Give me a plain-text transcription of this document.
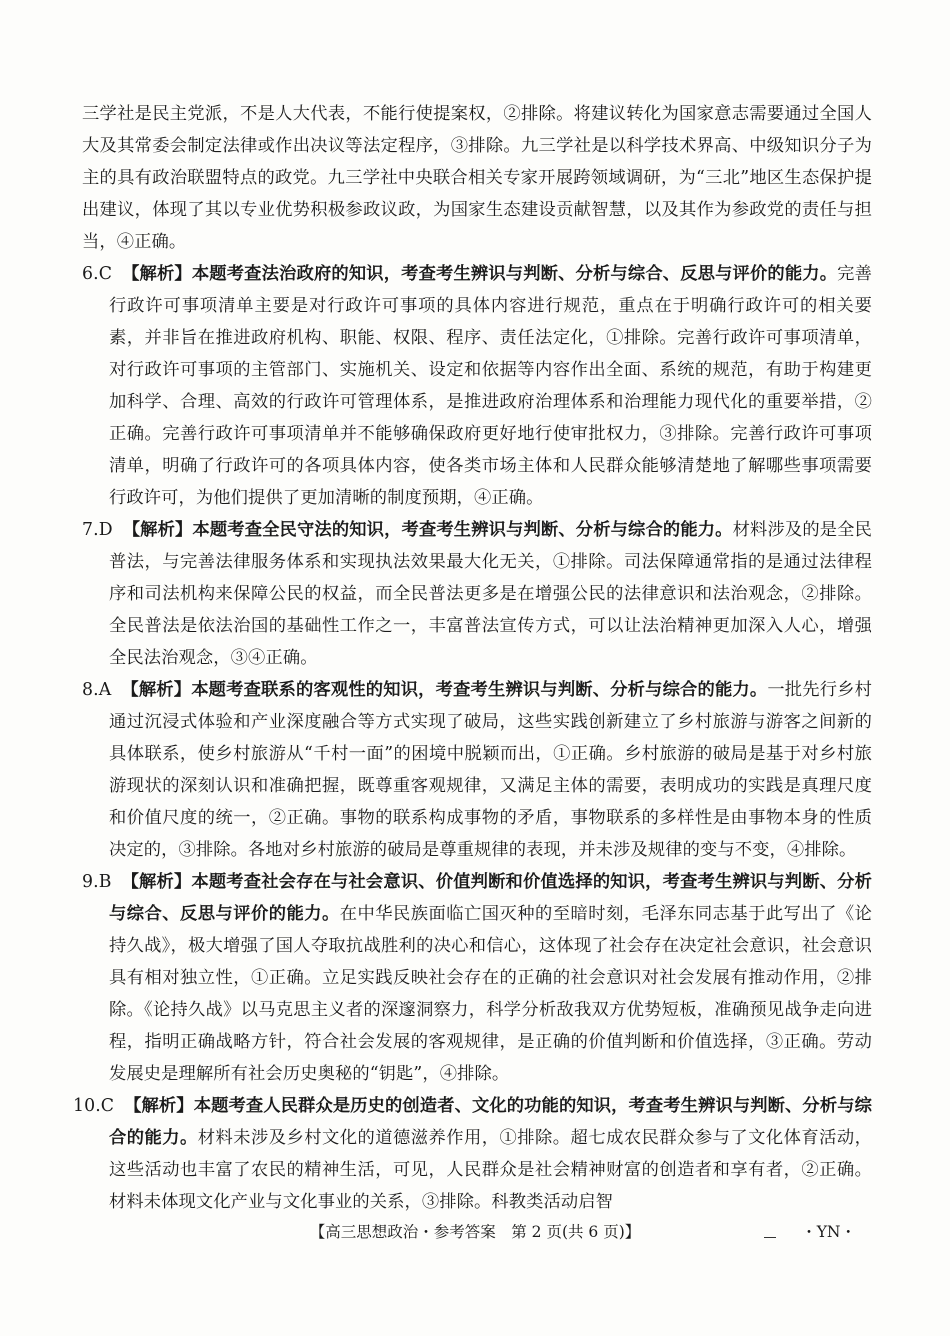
三学社是民主党派，不是人大代表，不能行使提案权，②排除。将建议转化为国家意志需要通过全国人大及其常委会制定法律或作出决议等法定程序，③排除。九三学社是以科学技术界高、中级知识分子为主的具有政治联盟特点的政党。九三学社中央联合相关专家开展跨领域调研，为“三北”地区生态保护提出建议，体现了其以专业优势积极参政议政，为国家生态建设贡献智慧，以及其作为参政党的责任与担当，④正确。

6.C 【解析】本题考查法治政府的知识，考查考生辨识与判断、分析与综合、反思与评价的能力。完善行政许可事项清单主要是对行政许可事项的具体内容进行规范，重点在于明确行政许可的相关要素，并非旨在推进政府机构、职能、权限、程序、责任法定化，①排除。完善行政许可事项清单，对行政许可事项的主管部门、实施机关、设定和依据等内容作出全面、系统的规范，有助于构建更加科学、合理、高效的行政许可管理体系，是推进政府治理体系和治理能力现代化的重要举措，②正确。完善行政许可事项清单并不能够确保政府更好地行使审批权力，③排除。完善行政许可事项清单，明确了行政许可的各项具体内容，使各类市场主体和人民群众能够清楚地了解哪些事项需要行政许可，为他们提供了更加清晰的制度预期，④正确。

7.D 【解析】本题考查全民守法的知识，考查考生辨识与判断、分析与综合的能力。材料涉及的是全民普法，与完善法律服务体系和实现执法效果最大化无关，①排除。司法保障通常指的是通过法律程序和司法机构来保障公民的权益，而全民普法更多是在增强公民的法律意识和法治观念，②排除。全民普法是依法治国的基础性工作之一，丰富普法宣传方式，可以让法治精神更加深入人心，增强全民法治观念，③④正确。

8.A 【解析】本题考查联系的客观性的知识，考查考生辨识与判断、分析与综合的能力。一批先行乡村通过沉浸式体验和产业深度融合等方式实现了破局，这些实践创新建立了乡村旅游与游客之间新的具体联系，使乡村旅游从“千村一面”的困境中脱颖而出，①正确。乡村旅游的破局是基于对乡村旅游现状的深刻认识和准确把握，既尊重客观规律，又满足主体的需要，表明成功的实践是真理尺度和价值尺度的统一，②正确。事物的联系构成事物的矛盾，事物联系的多样性是由事物本身的性质决定的，③排除。各地对乡村旅游的破局是尊重规律的表现，并未涉及规律的变与不变，④排除。

9.B 【解析】本题考查社会存在与社会意识、价值判断和价值选择的知识，考查考生辨识与判断、分析与综合、反思与评价的能力。在中华民族面临亡国灭种的至暗时刻，毛泽东同志基于此写出了《论持久战》，极大增强了国人夺取抗战胜利的决心和信心，这体现了社会存在决定社会意识，社会意识具有相对独立性，①正确。立足实践反映社会存在的正确的社会意识对社会发展有推动作用，②排除。《论持久战》以马克思主义者的深邃洞察力，科学分析敌我双方优势短板，准确预见战争走向进程，指明正确战略方针，符合社会发展的客观规律，是正确的价值判断和价值选择，③正确。劳动发展史是理解所有社会历史奥秘的“钥匙”，④排除。

10.C 【解析】本题考查人民群众是历史的创造者、文化的功能的知识，考查考生辨识与判断、分析与综合的能力。材料未涉及乡村文化的道德滋养作用，①排除。超七成农民群众参与了文化体育活动，这些活动也丰富了农民的精神生活，可见，人民群众是社会精神财富的创造者和享有者，②正确。材料未体现文化产业与文化事业的关系，③排除。科教类活动启智

【高三思想政治・参考答案　第 2 页(共 6 页)】	・YN・
